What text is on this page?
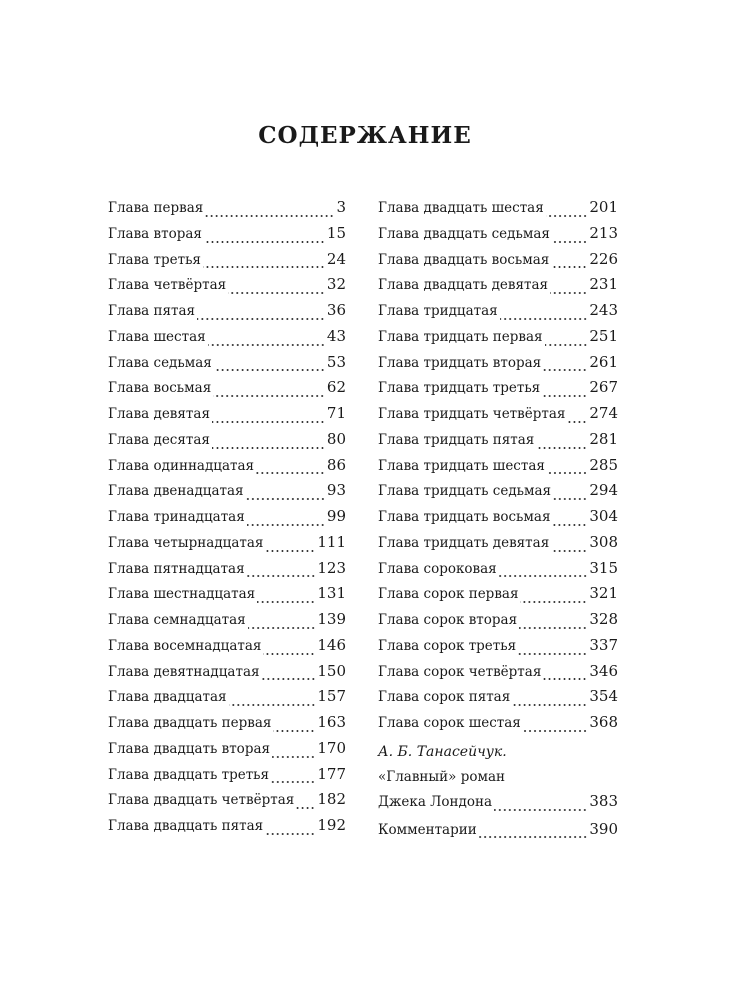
СОДЕРЖАНИЕ
Глава первая	3
Глава вторая	15
Глава третья	24
Глава четвёртая	32
Глава пятая	36
Глава шестая	43
Глава седьмая	53
Глава восьмая	62
Глава девятая	71
Глава десятая	80
Глава одиннадцатая	86
Глава двенадцатая	93
Глава тринадцатая	99
Глава четырнадцатая	111
Глава пятнадцатая	123
Глава шестнадцатая	131
Глава семнадцатая	139
Глава восемнадцатая	146
Глава девятнадцатая	150
Глава двадцатая	157
Глава двадцать первая	163
Глава двадцать вторая	170
Глава двадцать третья	177
Глава двадцать четвёртая 182
Глава двадцать пятая	192
Глава двадцать шестая	201
Глава двадцать седьмая	213
Глава двадцать восьмая	226
Глава двадцать девятая	231
Глава тридцатая	243
Глава тридцать первая	251
Глава тридцать вторая	261
Глава тридцать третья	267
Глава тридцать четвёртая 274
Глава тридцать пятая	281
Глава тридцать шестая	285
Глава тридцать седьмая	294
Глава тридцать восьмая	304
Глава тридцать девятая	308
Глава сороковая	315
Глава сорок первая	321
Глава сорок вторая	328
Глава сорок третья	337
Глава сорок четвёртая	346
Глава сорок пятая	354
Глава сорок шестая	368
А. Б. Танасейчук.
«Главный» роман
Джека Лондона	383
Комментарии	390
